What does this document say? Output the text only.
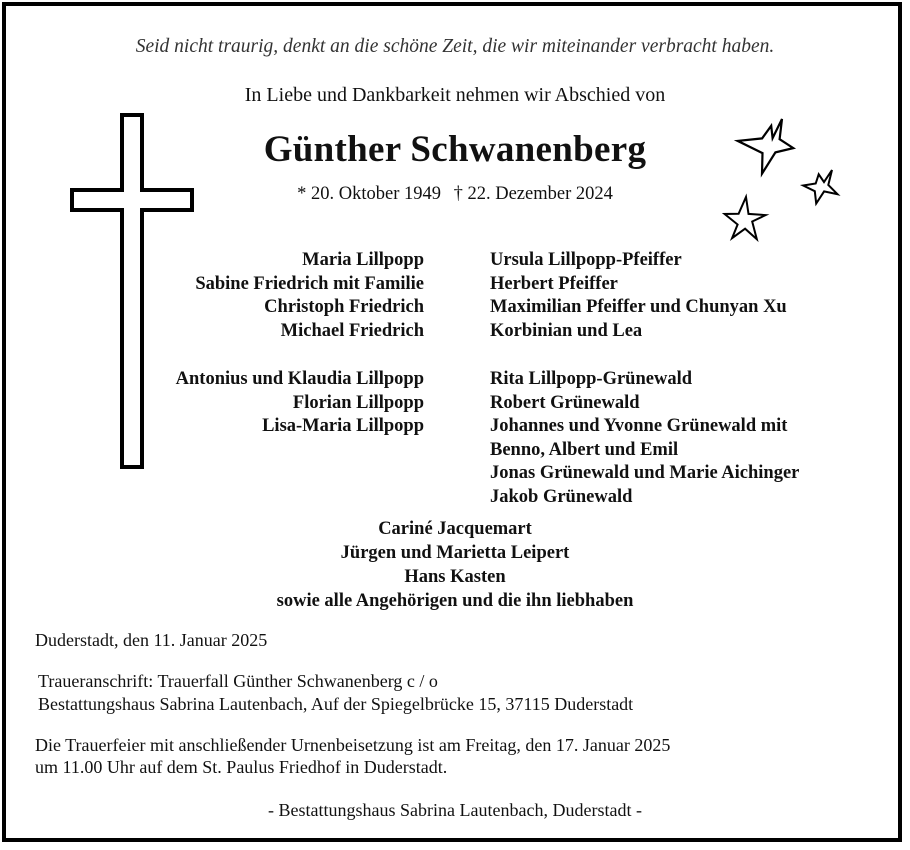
Seid nicht traurig, denkt an die schöne Zeit, die wir miteinander verbracht haben.
In Liebe und Dankbarkeit nehmen wir Abschied von
Günther Schwanenberg
* 20. Oktober 1949 † 22. Dezember 2024
Maria Lillpopp
Sabine Friedrich mit Familie
Christoph Friedrich
Michael Friedrich
Ursula Lillpopp-Pfeiffer
Herbert Pfeiffer
Maximilian Pfeiffer und Chunyan Xu
Korbinian und Lea
Antonius und Klaudia Lillpopp
Florian Lillpopp
Lisa-Maria Lillpopp
Rita Lillpopp-Grünewald
Robert Grünewald
Johannes und Yvonne Grünewald mit
Benno, Albert und Emil
Jonas Grünewald und Marie Aichinger
Jakob Grünewald
Cariné Jacquemart
Jürgen und Marietta Leipert
Hans Kasten
sowie alle Angehörigen und die ihn liebhaben
Duderstadt, den 11. Januar 2025
Traueranschrift: Trauerfall Günther Schwanenberg c / o
Bestattungshaus Sabrina Lautenbach, Auf der Spiegelbrücke 15, 37115 Duderstadt
Die Trauerfeier mit anschließender Urnenbeisetzung ist am Freitag, den 17. Januar 2025
um 11.00 Uhr auf dem St. Paulus Friedhof in Duderstadt.
- Bestattungshaus Sabrina Lautenbach, Duderstadt -
